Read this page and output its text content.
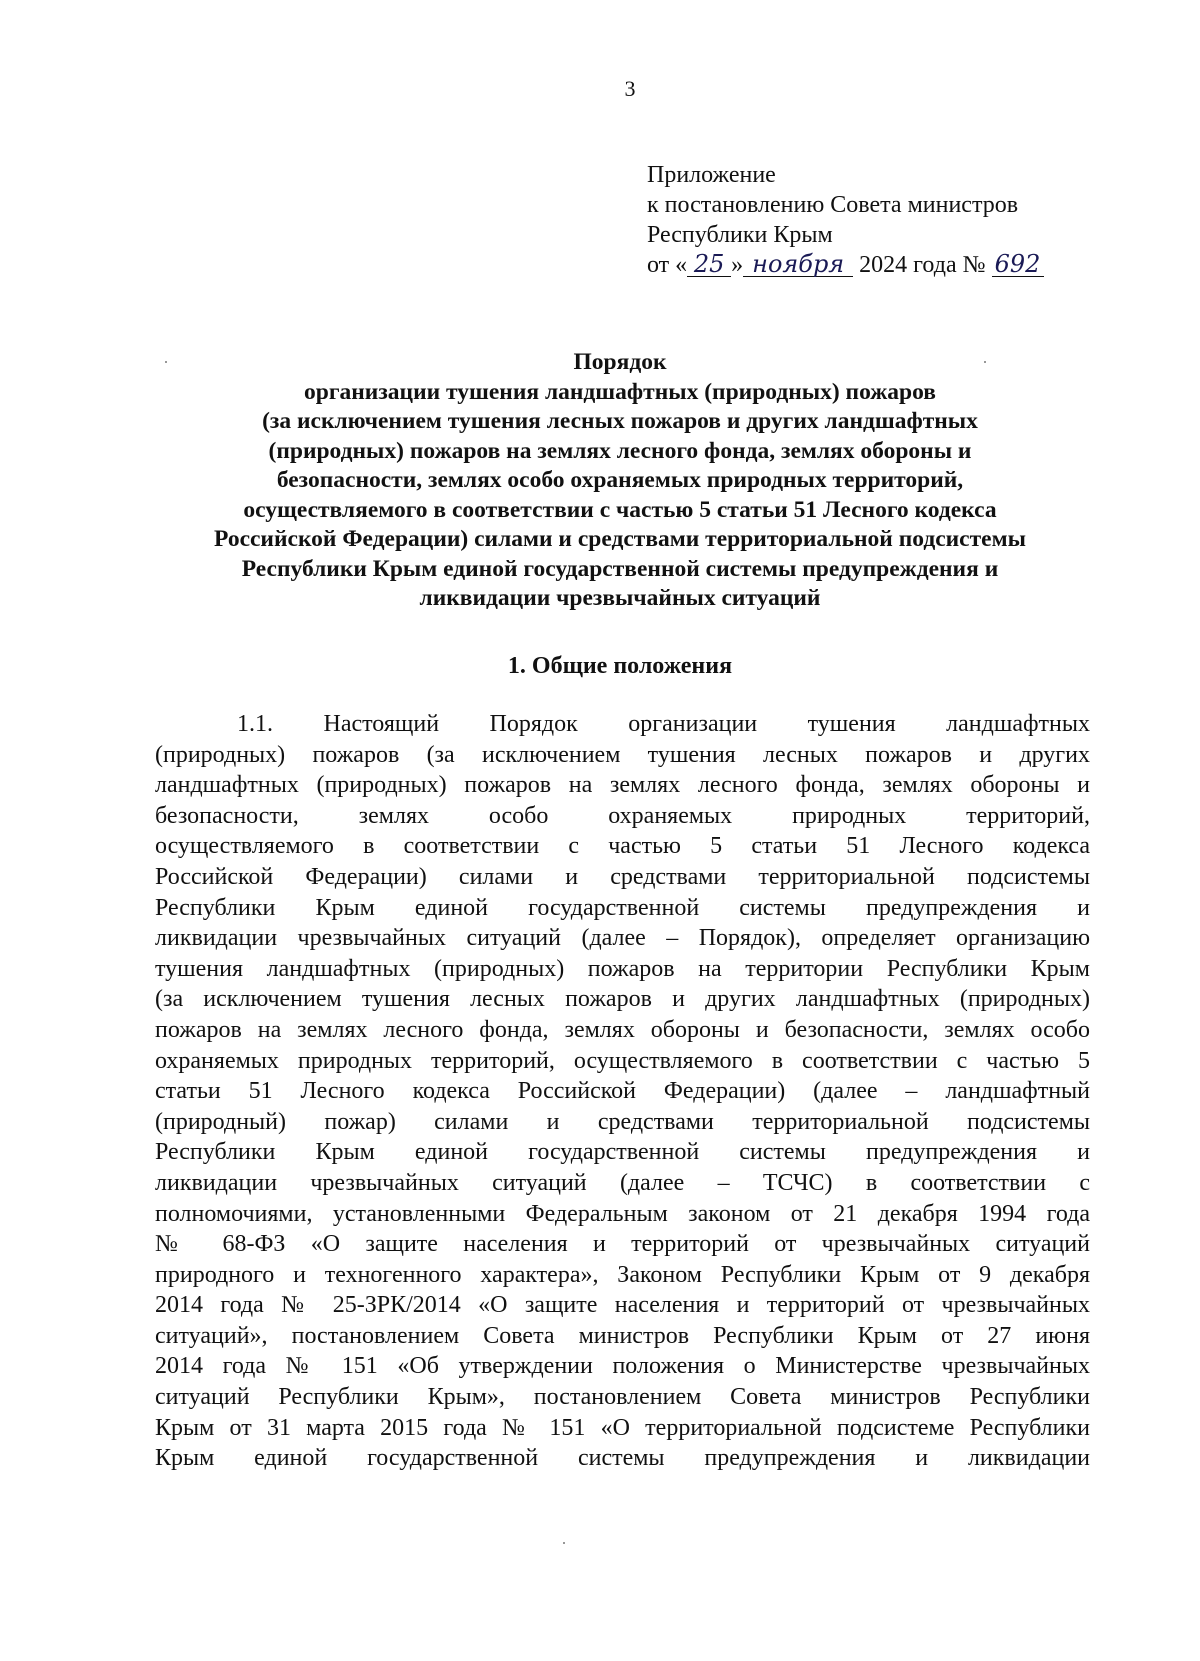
3
Приложение
к постановлению Совета министров
Республики Крым
от « 25 » ноября 2024 года № 692
Порядок
организации тушения ландшафтных (природных) пожаров
(за исключением тушения лесных пожаров и других ландшафтных
(природных) пожаров на землях лесного фонда, землях обороны и
безопасности, землях особо охраняемых природных территорий,
осуществляемого в соответствии с частью 5 статьи 51 Лесного кодекса
Российской Федерации) силами и средствами территориальной подсистемы
Республики Крым единой государственной системы предупреждения и
ликвидации чрезвычайных ситуаций
1. Общие положения
1.1. Настоящий Порядок организации тушения ландшафтных
(природных) пожаров (за исключением тушения лесных пожаров и других
ландшафтных (природных) пожаров на землях лесного фонда, землях обороны и
безопасности, землях особо охраняемых природных территорий,
осуществляемого в соответствии с частью 5 статьи 51 Лесного кодекса
Российской Федерации) силами и средствами территориальной подсистемы
Республики Крым единой государственной системы предупреждения и
ликвидации чрезвычайных ситуаций (далее – Порядок), определяет организацию
тушения ландшафтных (природных) пожаров на территории Республики Крым
(за исключением тушения лесных пожаров и других ландшафтных (природных)
пожаров на землях лесного фонда, землях обороны и безопасности, землях особо
охраняемых природных территорий, осуществляемого в соответствии с частью 5
статьи 51 Лесного кодекса Российской Федерации) (далее – ландшафтный
(природный) пожар) силами и средствами территориальной подсистемы
Республики Крым единой государственной системы предупреждения и
ликвидации чрезвычайных ситуаций (далее – ТСЧС) в соответствии с
полномочиями, установленными Федеральным законом от 21 декабря 1994 года
№ 68-ФЗ «О защите населения и территорий от чрезвычайных ситуаций
природного и техногенного характера», Законом Республики Крым от 9 декабря
2014 года № 25-ЗРК/2014 «О защите населения и территорий от чрезвычайных
ситуаций», постановлением Совета министров Республики Крым от 27 июня
2014 года № 151 «Об утверждении положения о Министерстве чрезвычайных
ситуаций Республики Крым», постановлением Совета министров Республики
Крым от 31 марта 2015 года № 151 «О территориальной подсистеме Республики
Крым единой государственной системы предупреждения и ликвидации
